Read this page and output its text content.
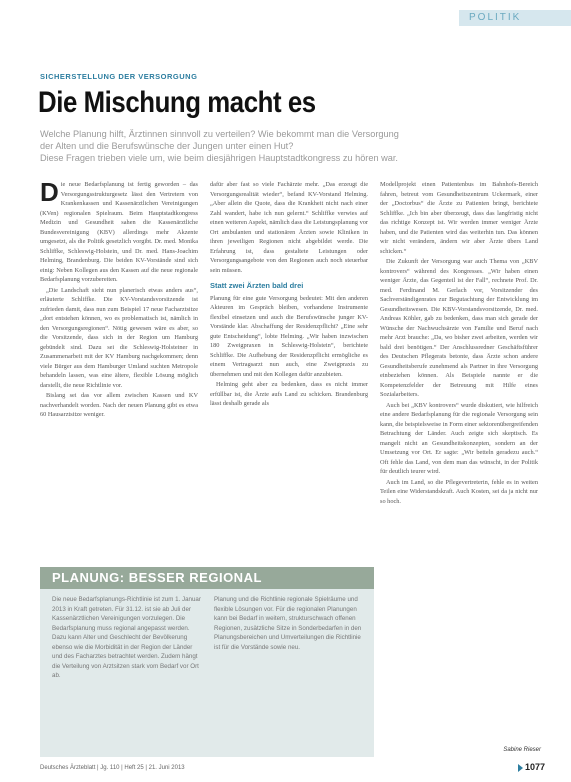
POLITIK
SICHERSTELLUNG DER VERSORGUNG
Die Mischung macht es

Welche Planung hilft, Ärztinnen sinnvoll zu verteilen? Wie bekommt man die Versorgung

der Alten und die Berufswünsche der Jungen unter einen Hut?

Diese Fragen trieben viele um, wie beim diesjährigen Hauptstadtkongress zu hören war.

Die neue Bedarfsplanung ist fertig geworden – das Versorgungsstrukturgesetz lässt den Vertretern von Krankenkassen und Kassenärztlichen Vereinigungen (KVen) regionalen Spielraum. Beim Hauptstadtkongress Medizin und Gesundheit sahen die Kassenärztliche Bundesvereinigung (KBV) allerdings mehr Akzente umgesetzt, als die Politik gesetzlich vorgibt. Dr. med. Monika Schliffke, Schleswig-Holstein, und Dr. med. Hans-Joachim Helming, Brandenburg. Die beiden KV-Vorstände sind sich einig: Neben Kollegen aus den Kassen auf die neue regionale Bedarfsplanung vorzubereiten.

„Die Landschaft sieht nun planerisch etwas anders aus“, erläuterte Schliffke. Die KV-Vorstandsvorsitzende ist zufrieden damit, dass nun zum Beispiel 17 neue Facharztsitze „dort entstehen können, wo es problematisch ist, nämlich in den Versorgungsregionen“. Nötig gewesen wäre es aber, so die Vorsitzende, dass sich in der Region um Hamburg gebündelt sind. Dazu sei die Schleswig-Holsteiner in Zusammenarbeit mit der KV Hamburg nachgekommen; denn viele Bürger aus dem Hamburger Umland suchten Metropole behandeln lassen, was eine ältere, flexible Lösung möglich darstellt, die neue Richtlinie vor.

Bislang sei das vor allem zwischen Kassen und KV nachverhandelt worden. Nach der neuen Planung gibt es etwa 60 Hausarztsitze weniger.

dafür aber fast so viele Fachärzte mehr. „Das erzeugt die Versorgungsrealität wieder“, befand KV-Vorstand Helming. „Aber allein die Quote, dass die Krankheit nicht nach einer Zahl wandert, habe ich nun gelernt.“ Schliffke verwies auf einen weiteren Aspekt, nämlich dass die Leistungsplanung vor Ort ambulanten und stationären Ärzten sowie Kliniken in ihren jeweiligen Regionen nicht abgebildet werde. Die Erfahrung ist, dass gestaltete Leistungen oder Versorgungsangebote von den Regionen auch noch steuerbar sein müssen.

Statt zwei Ärzten bald drei

Planung für eine gute Versorgung bedeutet: Mit den anderen Akteuren im Gespräch bleiben, vorhandene Instrumente flexibel einsetzen und auch die Berufswünsche junger KV-Vorstände klar. Abschaffung der Residenzpflicht? „Eine sehr gute Entscheidung“, lobte Helming. „Wir haben inzwischen 180 Zweigpraxen in Schleswig-Holstein“, berichtete Schliffke. Die Aufhebung der Residenzpflicht ermögliche es einem Vertragsarzt nun auch, eine Zweigpraxis zu übernehmen und mit den Kollegen dafür anzubieten.

Helming geht aber zu bedenken, dass es nicht immer erfüllbar ist, die Ärzte aufs Land zu schicken. Brandenburg lässt deshalb gerade als

Modellprojekt einen Patientenbus im Bahnhofs-Bereich fahren, betreut vom Gesundheitszentrum Uckermark, einer der „Doctorbus“ die Ärzte zu Patienten bringt, berichtete Schliffke. „Ich bin aber überzeugt, dass das langfristig nicht das richtige Konzept ist. Wir werden immer weniger Ärzte haben, und die Patienten wird das weiterhin tun. Das können wir nicht verändern, ändern wir aber Ärzte übers Land schicken.“

Die Zukunft der Versorgung war auch Thema von „KBV kontrovers“ während des Kongresses. „Wir haben einen weniger Ärzte, das Gegenteil ist der Fall“, rechnete Prof. Dr. med. Ferdinand M. Gerlach vor, Vorsitzender des Sachverständigenrates zur Begutachtung der Entwicklung im Gesundheitswesen. Die KBV-Vorstandsvorsitzende, Dr. med. Andreas Köhler, gab zu bedenken, dass man sich gerade der Wünsche der Nachwuchsärzte von Familie und Beruf nach mehr Arzt brauche: „Da, wo bisher zwei arbeiten, werden wir bald drei benötigen.“ Der Anschlussredner Geschäftsführer des Deutschen Pflegerats betonte, dass Ärzte schon andere Gesundheitsberufe zunehmend als Partner in ihre Versorgung einbeziehen können. Als Beispiele nannte er die Kompetenzfelder der Betreuung mit Hilfe eines Sozialarbeiters.

Auch bei „KBV kontrovers“ wurde diskutiert, wie hilfreich eine andere Bedarfsplanung für die regionale Versorgung sein kann, die beispielsweise in Form einer sektorenübergreifenden Betrachtung der Länder. Auch zeigte sich skeptisch. Es mangelt nicht an Gesundheitskonzepten, sondern an der Umsetzung vor Ort. Er sagte: „Wir betteln geradezu auch.“ Oft fehle das Land, von dem man das wünscht, in der Politik für deutlich teurer wird.

Auch im Land, so die Pflegevertreterin, fehle es in weiten Teilen eine Widerstandskraft. Auch Kosten, sei da ja nicht nur so hoch.

Sabine Rieser
PLANUNG: BESSER REGIONAL
Die neue Bedarfsplanungs-Richtlinie ist zum 1. Januar 2013 in Kraft getreten. Für 31.12. ist sie ab Juli der Kassenärztlichen Vereinigungen vorzulegen. Die Bedarfsplanung muss regional angepasst werden. Dazu kann Alter und Geschlecht der Bevölkerung ebenso wie die Morbidität in der Region der Länder und des Facharztes betrachtet werden. Zudem hängt die Verteilung von Arztsitzen stark vom Bedarf vor Ort ab.
Planung und die Richtlinie regionale Spielräume und flexible Lösungen vor. Für die regionalen Planungen kann bei Bedarf in weitem, strukturschwach offenen Regionen, zusätzliche Sitze in Sonderbedarfen in den Planungsbereichen und Umverteilungen die Richtlinie ist für die Vorstände sowie neu.
Deutsches Ärzteblatt | Jg. 110 | Heft 25 | 21. Juni 2013	1077
